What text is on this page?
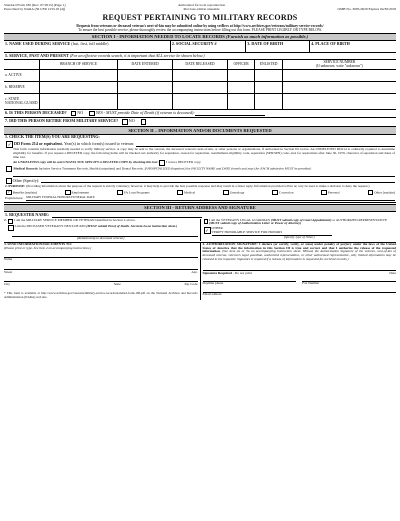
Standard Form 180 (Rev. 07/2015) (Page 1)
Prescribed by NARA (36 CFR 1233.18 (d))
Authorized for local reproduction
Previous edition unusable	OMB No. 3095-0029 Expires 04/30/2018
REQUEST PERTAINING TO MILITARY RECORDS
Requests from veterans or deceased veteran's next-of-kin may be submitted online by using vetRecs at http://www.archives.gov/veterans/military-service-records/
To ensure the best possible service, please thoroughly review the accompanying instructions before filling out this form. PLEASE PRINT LEGIBLY OR TYPE BELOW.
SECTION I - INFORMATION NEEDED TO LOCATE RECORDS (Furnish as much information as possible.)
1. NAME USED DURING SERVICE (last, first, full middle)	2. SOCIAL SECURITY #	3. DATE OF BIRTH	4. PLACE OF BIRTH
5. SERVICE, PAST AND PRESENT (For an effective records search, it is important that ALL service be shown below.)
	BRANCH OF SERVICE	DATE ENTERED	DATE RELEASED	OFFICER	ENLISTED	SERVICE NUMBER
(If unknown, write "unknown")

a. ACTIVE						
b. RESERVE						
c. STATE NATIONAL GUARD						
6. IS THIS PERSON DECEASED?	NO	YES - MUST provide Date of Death (if veteran is deceased):
7. DID THIS PERSON RETIRE FROM MILITARY SERVICE?	NO
SECTION II – INFORMATION AND/OR DOCUMENTS REQUESTED
1. CHECK THE ITEM(S) YOU ARE REQUESTING:
✓ DD Form 214 or equivalent.
Year(s) in which form(s) issued to veteran:
This form contains information normally needed to verify military service. A copy may be sent to the veteran, the deceased veteran's next-of-kin, or other persons or organizations, if authorized in Section III, below. An UNDELETED DD214 is ordinarily required to determine eligibility for benefits. If you request a DELETED copy, the following items will be blacked out: authority for separation, reason for separation, reenlistment eligibility code, separation (SPD/SPN) code, and, for separations after June 30, 1979, character of separation and dates of time lost.
An UNDELETED copy will be sent UNLESS YOU SPECIFY A DELETED COPY by checking this box: I want a DELETED copy.
Medical Records Includes Service Treatment Records, Health (outpatient) and Dental Records. If HOSPITALIZED (inpatient) the FACILITY NAME and DATE (month and year) for EACH admission MUST be provided:
Other (Specify):
2. PURPOSE: (Providing information about the purpose of the request is strictly voluntary; however, it may help to provide the best possible response and may result in a faster reply. Information provided will in no way be used to make a decision to deny the request.)
✓ Benefits (explain)	Employment	VA Loan Programs	Medical	Genealogy	Correction	Personal	Other (explain)
Explain here: MILITARY FUNERAL HONORS FUNERAL DATE
SECTION III - RETURN ADDRESS AND SIGNATURE
1. REQUESTER NAME:
2. I am the MILITARY SERVICE MEMBER OR VETERAN identified in Section I, above.
I am the DECEASED VETERAN'S NEXT-OF-KIN (MUST submit Proof of Death. See item 2a on instruction sheet.)
(Relationship to deceased veteran)
I am the VETERAN'S LEGAL GUARDIAN (MUST submit copy of Court Appointment) or AUTHORIZED REPRESENTATIVE (MUST submit copy of Authorization Letter or Power of Attorney)
✓ OTHER
VERIFY HONORABLE SERVICE FOR HONORS
(Specify type of Other)
3. SEND INFORMATION/DOCUMENTS TO:
(Please print or type. See item 4 on accompanying instructions.)
Name
Street	Apt.
City	State	Zip Code
* This form is available at http://www.archives.gov/veterans/military-service-records/standard-form-180.pdf on the National Archives and Records Administration (NARA) web site.
4. AUTHORIZATION SIGNATURE: I declare (or certify, verify, or state) under penalty of perjury under the laws of the United States of America that the information in this Section III is true and correct and that I authorize the release of the requested information. (See item 2a or 3a on accompanying instruction sheet. Without the Authorization Signature of the veteran, next-of-kin of deceased veteran, veteran's legal guardian, authorized representative, or other authorized representative, only limited information may be released to the requester. Signature is required if a release of information is requested for archival records.)
Signature Required - Do not print	Date
Daytime phone	Fax Number
Email address
